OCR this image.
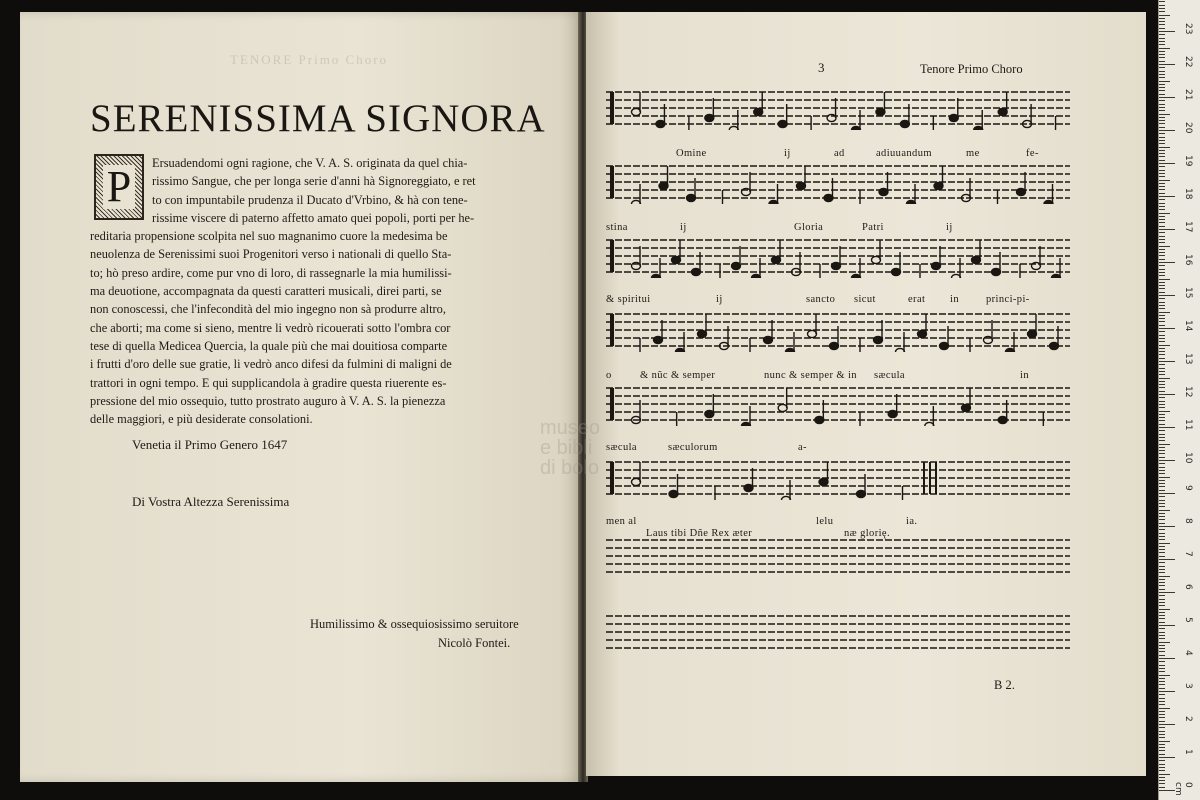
TENORE Primo Choro
SERENISSIMA SIGNORA
P	Ersuadendomi ogni ragione, che V. A. S. originata da quel chia-
rissimo Sangue, che per longa serie d'anni hà Signoreggiato, e ret
to con impuntabile prudenza il Ducato d'Vrbino, & hà con tene-
rissime viscere di paterno affetto amato quei popoli, porti per he-
reditaria propensione scolpita nel suo magnanimo cuore la medesima be
neuolenza de Serenissimi suoi Progenitori verso i nationali di quello Sta-
to; hò preso ardire, come pur vno di loro, di rassegnarle la mia humilissi-
ma deuotione, accompagnata da questi caratteri musicali, direi parti, se
non conoscessi, che l'infecondità del mio ingegno non sà produrre altro,
che aborti; ma come si sieno, mentre li vedrò ricouerati sotto l'ombra cor
tese di quella Medicea Quercia, la quale più che mai douitiosa comparte
i frutti d'oro delle sue gratie, li vedrò anco difesi da fulmini di maligni de
trattori in ogni tempo. E qui supplicandola à gradire questa riuerente es-
pressione del mio ossequio, tutto prostrato auguro à V. A. S. la pienezza
delle maggiori, e più desiderate consolationi.
Venetia il Primo Genero 1647
Di Vostra Altezza Serenissima
Humilissimo & ossequiosissimo seruitore
Nicolò Fontei.
3	Tenore Primo Choro
Omine	ij	ad	adiuuandum	me	fe-
stina	ij	Gloria	Patri	ij
& spiritui	ij	sancto sicut	erat in	princi-pi-
o	& nũc & semper	nunc & semper & in sæcula	in
sæcula	sæculorum	a-
men al	lelu	ia.
Laus tibi Dñe Rex æter	næ glorię.
B 2.
museo
e bibli
di bolo
23
22
21
20
19
18
17
16
15
14
13
12
11
10
9
8
7
6
5
4
3
2
1
0 cm
